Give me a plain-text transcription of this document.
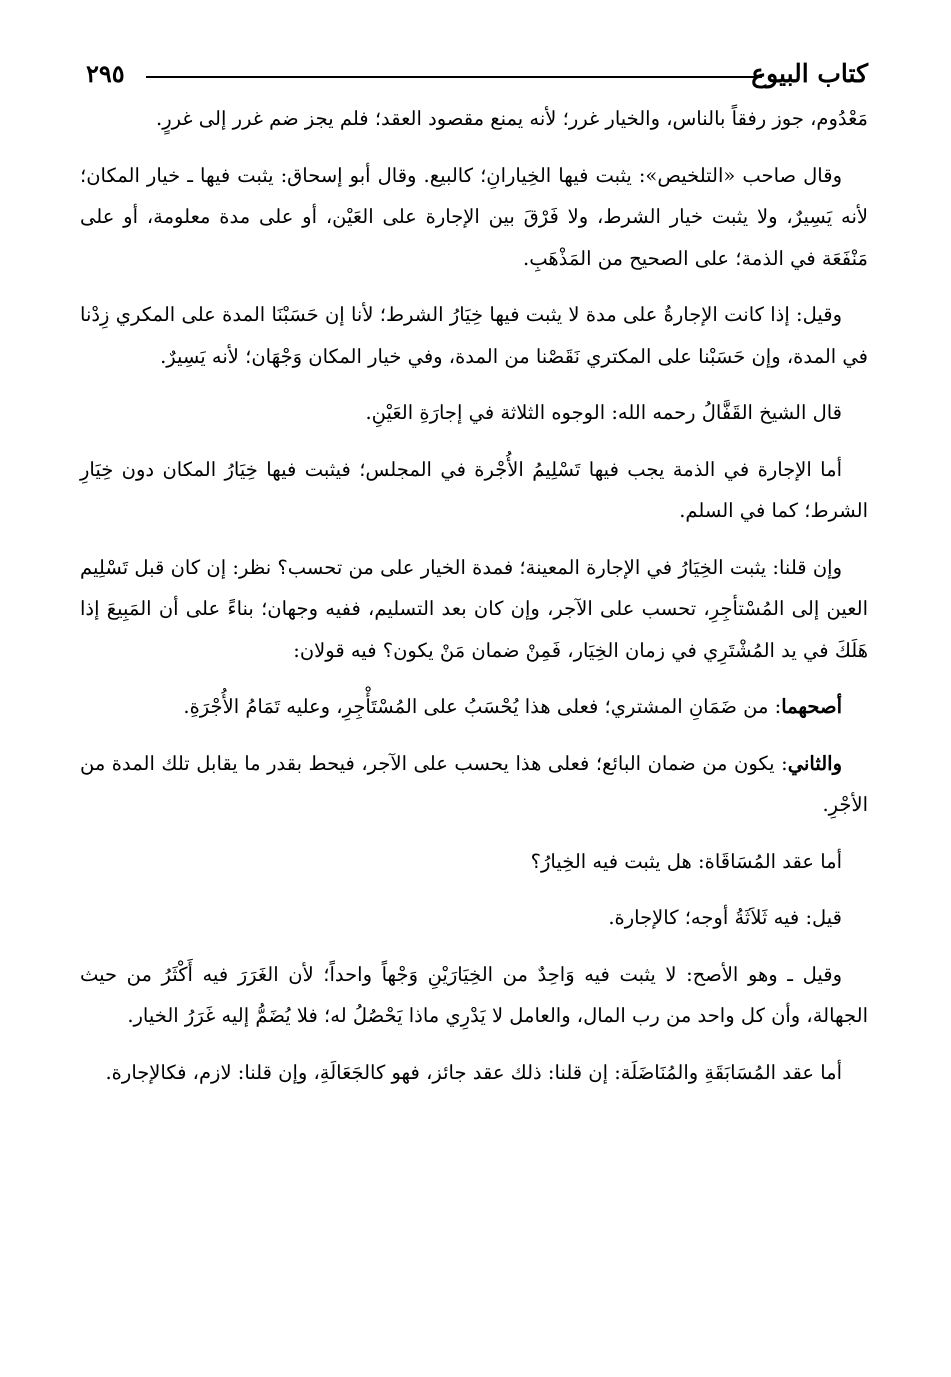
كتاب البيوع
٢٩٥

مَعْدُوم، جوز رفقاً بالناس، والخيار غرر؛ لأنه يمنع مقصود العقد؛ فلم يجز ضم غرر إلى غررٍ.

وقال صاحب «التلخيص»: يثبت فيها الخِيارانِ؛ كالبيع. وقال أبو إسحاق: يثبت فيها ـ خيار المكان؛ لأنه يَسِيرٌ، ولا يثبت خيار الشرط، ولا فَرْقَ بين الإجارة على العَيْن، أو على مدة معلومة، أو على مَنْفَعَة في الذمة؛ على الصحيح من المَذْهَبِ.

وقيل: إذا كانت الإجارةُ على مدة لا يثبت فيها خِيَارُ الشرط؛ لأنا إن حَسَبْنَا المدة على المكري زِدْنا في المدة، وإن حَسَبْنا على المكتري نَقَصْنا من المدة، وفي خيار المكان وَجْهَان؛ لأنه يَسِيرٌ.

قال الشيخ القَفَّالُ رحمه الله: الوجوه الثلاثة في إجارَةِ العَيْنِ.

أما الإجارة في الذمة يجب فيها تَسْلِيمُ الأُجْرة في المجلس؛ فيثبت فيها خِيَارُ المكان دون خِيَارِ الشرط؛ كما في السلم.

وإن قلنا: يثبت الخِيَارُ في الإجارة المعينة؛ فمدة الخيار على من تحسب؟ نظر: إن كان قبل تَسْلِيم العين إلى المُسْتأجِرِ، تحسب على الآجر، وإن كان بعد التسليم، ففيه وجهان؛ بناءً على أن المَبِيعَ إذا هَلَكَ في يد المُشْتَرِي في زمان الخِيَار، فَمِنْ ضمان مَنْ يكون؟ فيه قولان:

أصحهما: من ضَمَانِ المشتري؛ فعلى هذا يُحْسَبُ على المُسْتَأْجِرِ، وعليه تَمَامُ الأُجْرَةِ.

والثاني: يكون من ضمان البائع؛ فعلى هذا يحسب على الآجر، فيحط بقدر ما يقابل تلك المدة من الأجْرِ.

أما عقد المُسَاقَاة: هل يثبت فيه الخِيارُ؟

قيل: فيه ثَلاَثَةُ أوجه؛ كالإجارة.

وقيل ـ وهو الأصح: لا يثبت فيه وَاحِدٌ من الخِيَارَيْنِ وَجْهاً واحداً؛ لأن الغَرَرَ فيه أَكْثَرُ من حيث الجهالة، وأن كل واحد من رب المال، والعامل لا يَدْرِي ماذا يَحْصُلُ له؛ فلا يُضَمُّ إليه غَرَرُ الخيار.

أما عقد المُسَابَقَةِ والمُنَاضَلَة: إن قلنا: ذلك عقد جائز، فهو كالجَعَالَةِ، وإن قلنا: لازم، فكالإجارة.
